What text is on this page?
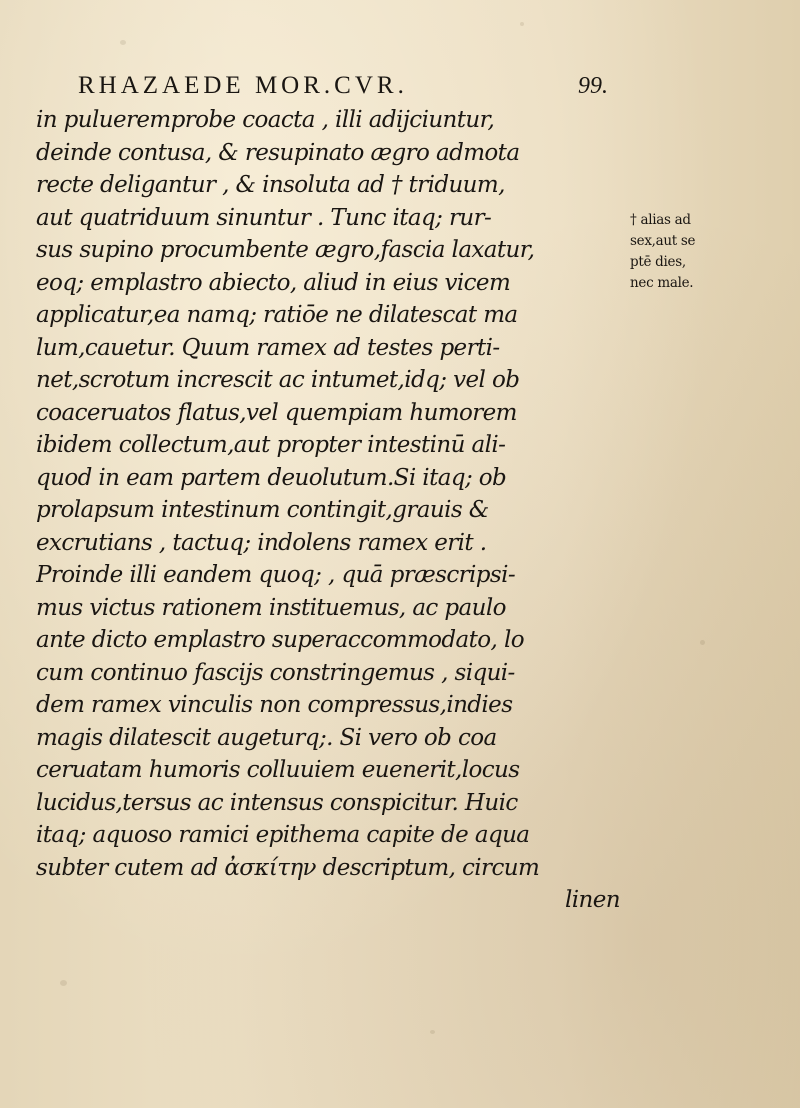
RHAZAEDE MOR.CVR.	99.
in pulueremprobe coacta , illi adijciuntur,
deinde contusa, & resupinato ægro admota
recte deligantur , & insoluta ad † triduum,
aut quatriduum sinuntur . Tunc itaq; rur-
sus supino procumbente ægro,fascia laxatur,
eoq; emplastro abiecto, aliud in eius vicem
applicatur,ea namq; ratiōe ne dilatescat ma
lum,cauetur. Quum ramex ad testes perti-
net,scrotum increscit ac intumet,idq; vel ob
coaceruatos flatus,vel quempiam humorem
ibidem collectum,aut propter intestinū ali-
quod in eam partem deuolutum.Si itaq; ob
prolapsum intestinum contingit,grauis &
excrutians , tactuq; indolens ramex erit .
Proinde illi eandem quoq; , quā præscripsi-
mus victus rationem instituemus, ac paulo
ante dicto emplastro superaccommodato, lo
cum continuo fascijs constringemus , siqui-
dem ramex vinculis non compressus,indies
magis dilatescit augeturq;. Si vero ob coa
ceruatam humoris colluuiem euenerit,locus
lucidus,tersus ac intensus conspicitur. Huic
itaq; aquoso ramici epithema capite de aqua
subter cutem ad ἀσκίτην descriptum, circum
linen
† alias ad
sex,aut se
ptē dies,
nec male.
